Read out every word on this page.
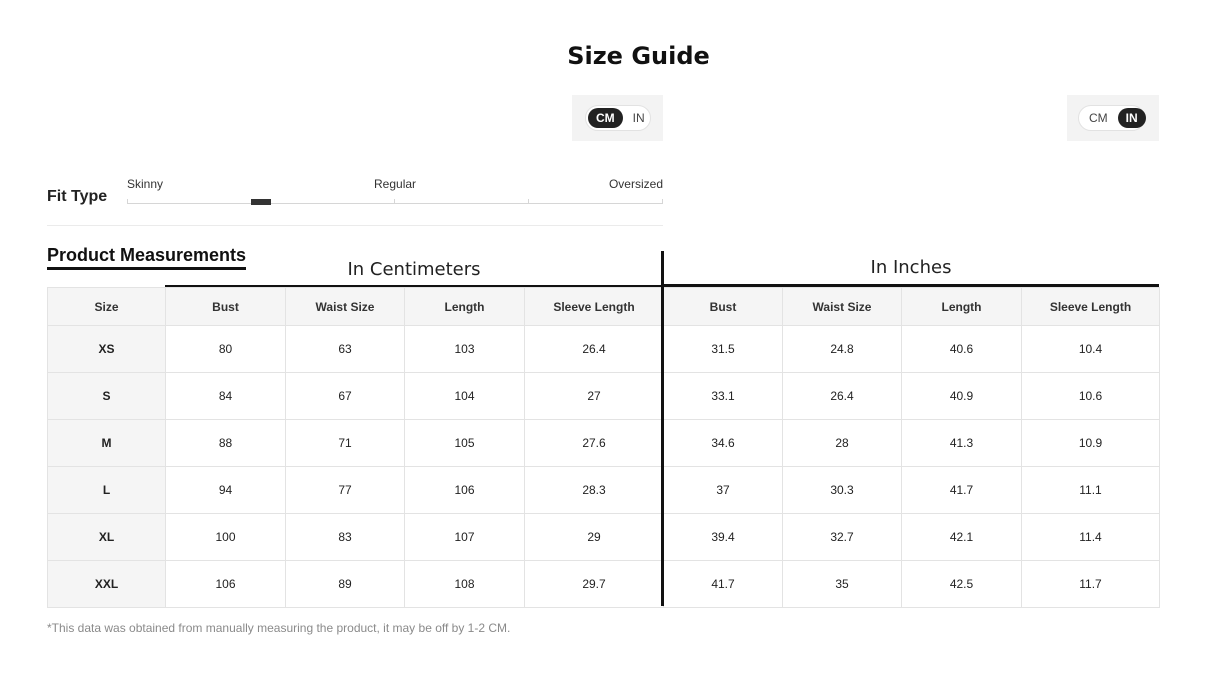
Size Guide
CM	IN	CM	IN
Fit Type
Skinny	Regular	Oversized
Product Measurements
In Centimeters	In Inches
Size	Bust	Waist Size	Length	Sleeve Length	Bust	Waist Size	Length	Sleeve Length
XS	80	63	103	26.4	31.5	24.8	40.6	10.4
S	84	67	104	27	33.1	26.4	40.9	10.6
M	88	71	105	27.6	34.6	28	41.3	10.9
L	94	77	106	28.3	37	30.3	41.7	11.1
XL	100	83	107	29	39.4	32.7	42.1	11.4
XXL	106	89	108	29.7	41.7	35	42.5	11.7
*This data was obtained from manually measuring the product, it may be off by 1-2 CM.
